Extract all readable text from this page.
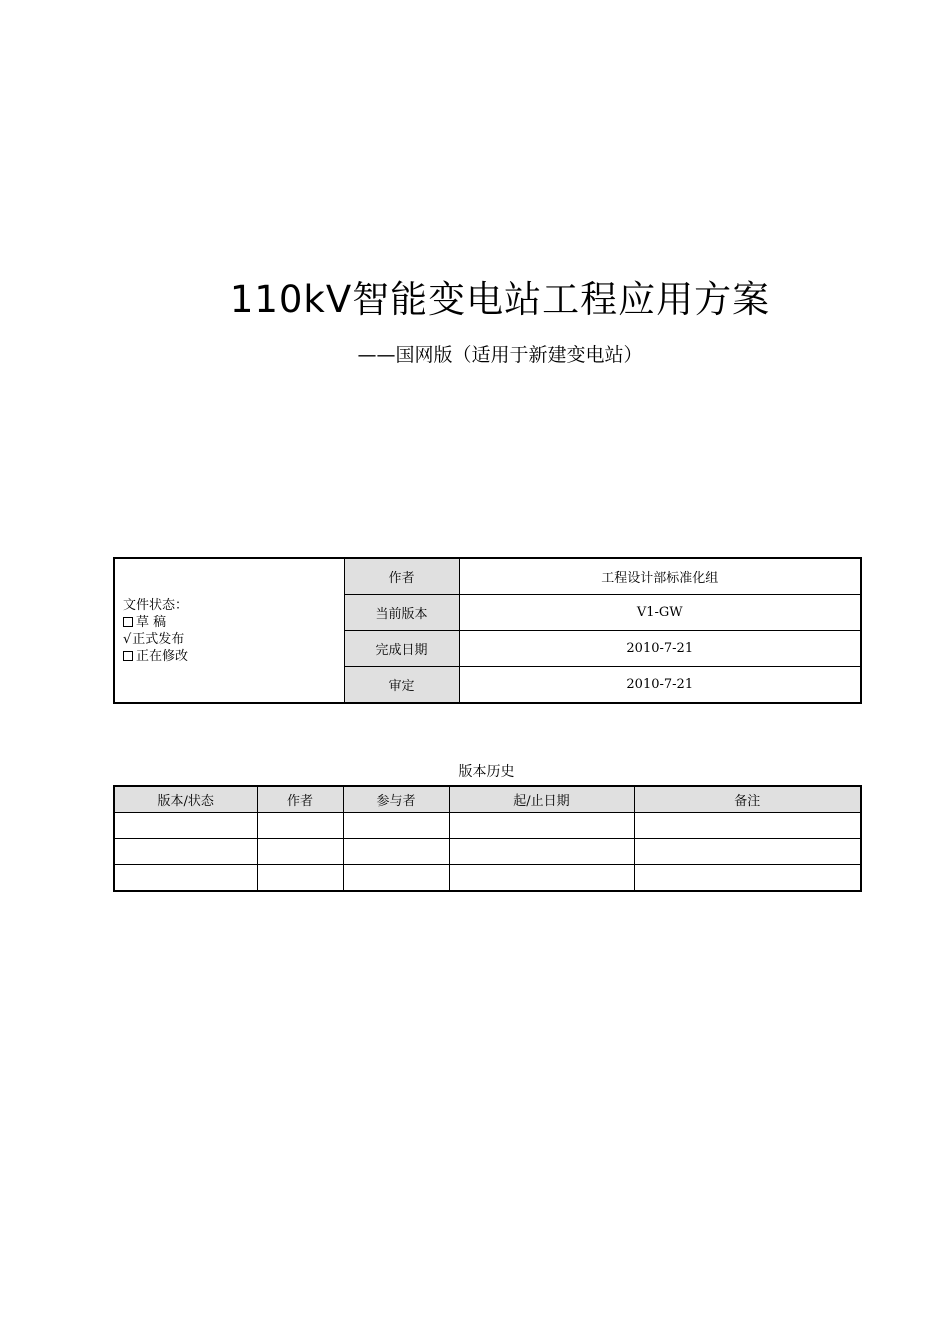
110kV智能变电站工程应用方案
——国网版（适用于新建变电站）
文件状态：
草 稿
√正式发布
正在修改	作者	工程设计部标准化组
	当前版本	V1-GW
	完成日期	2010-7-21
	审定	2010-7-21
版本历史
版本/状态	作者	参与者	起/止日期	备注
